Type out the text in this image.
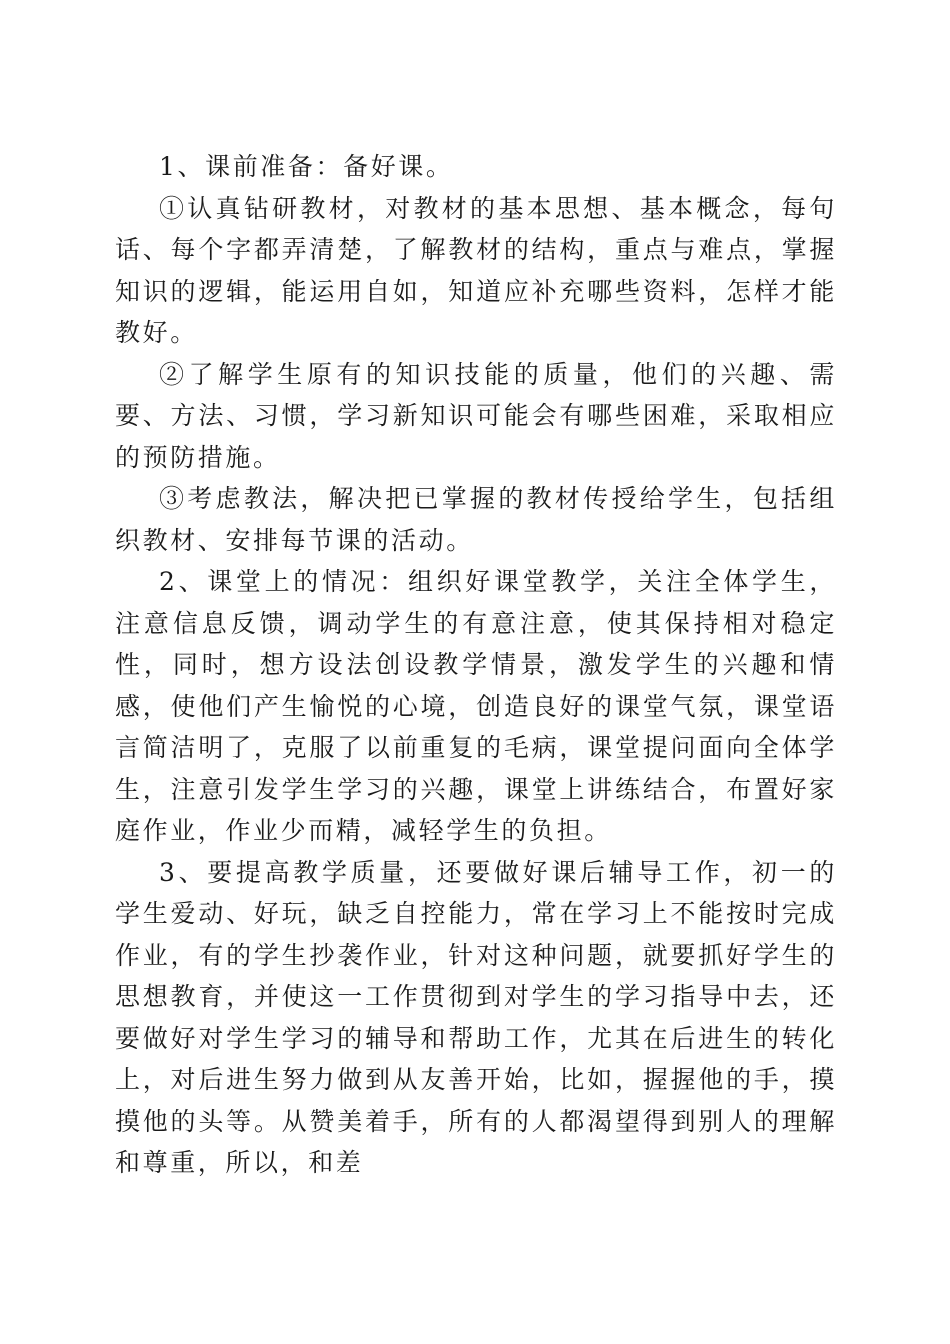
1、课前准备：备好课。

①认真钻研教材，对教材的基本思想、基本概念，每句话、每个字都弄清楚，了解教材的结构，重点与难点，掌握知识的逻辑，能运用自如，知道应补充哪些资料，怎样才能教好。

②了解学生原有的知识技能的质量，他们的兴趣、需要、方法、习惯，学习新知识可能会有哪些困难，采取相应的预防措施。

③考虑教法，解决把已掌握的教材传授给学生，包括组织教材、安排每节课的活动。

2、课堂上的情况：组织好课堂教学，关注全体学生，注意信息反馈，调动学生的有意注意，使其保持相对稳定性，同时，想方设法创设教学情景，激发学生的兴趣和情感，使他们产生愉悦的心境，创造良好的课堂气氛，课堂语言简洁明了，克服了以前重复的毛病，课堂提问面向全体学生，注意引发学生学习的兴趣，课堂上讲练结合，布置好家庭作业，作业少而精，减轻学生的负担。

3、要提高教学质量，还要做好课后辅导工作，初一的学生爱动、好玩，缺乏自控能力，常在学习上不能按时完成作业，有的学生抄袭作业，针对这种问题，就要抓好学生的思想教育，并使这一工作贯彻到对学生的学习指导中去，还要做好对学生学习的辅导和帮助工作，尤其在后进生的转化上，对后进生努力做到从友善开始，比如，握握他的手，摸摸他的头等。从赞美着手，所有的人都渴望得到别人的理解和尊重，所以，和差
